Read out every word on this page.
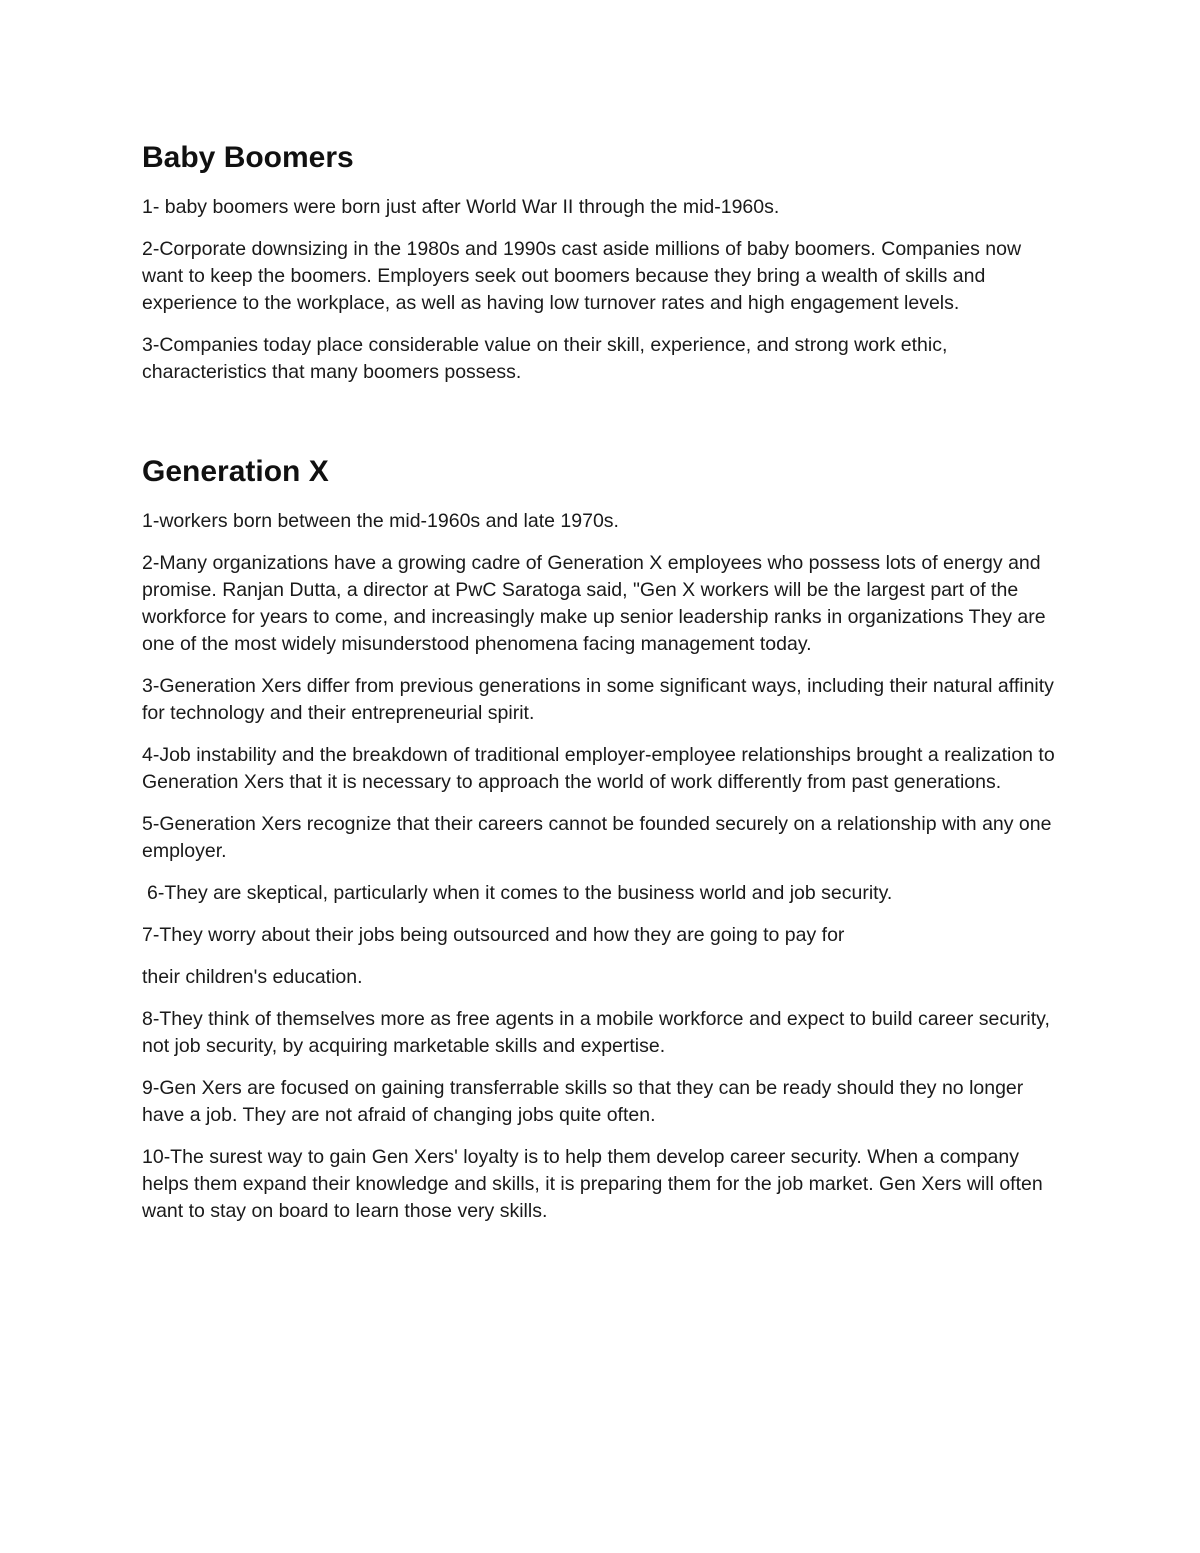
Baby Boomers

1- baby boomers were born just after World War II through the mid-1960s.

2-Corporate downsizing in the 1980s and 1990s cast aside millions of baby boomers. Companies now want to keep the boomers. Employers seek out boomers because they bring a wealth of skills and experience to the workplace, as well as having low turnover rates and high engagement levels.

3-Companies today place considerable value on their skill, experience, and strong work ethic, characteristics that many boomers possess.

Generation X

1-workers born between the mid-1960s and late 1970s.

2-Many organizations have a growing cadre of Generation X employees who possess lots of energy and promise. Ranjan Dutta, a director at PwC Saratoga said, "Gen X workers will be the largest part of the workforce for years to come, and increasingly make up senior leadership ranks in organizations They are one of the most widely misunderstood phenomena facing management today.

3-Generation Xers differ from previous generations in some significant ways, including their natural affinity for technology and their entrepreneurial spirit.

4-Job instability and the breakdown of traditional employer-employee relationships brought a realization to Generation Xers that it is necessary to approach the world of work differently from past generations.

5-Generation Xers recognize that their careers cannot be founded securely on a relationship with any one employer.

6-They are skeptical, particularly when it comes to the business world and job security.

7-They worry about their jobs being outsourced and how they are going to pay for

their children's education.

8-They think of themselves more as free agents in a mobile workforce and expect to build career security, not job security, by acquiring marketable skills and expertise.

9-Gen Xers are focused on gaining transferrable skills so that they can be ready should they no longer have a job. They are not afraid of changing jobs quite often.

10-The surest way to gain Gen Xers' loyalty is to help them develop career security. When a company helps them expand their knowledge and skills, it is preparing them for the job market. Gen Xers will often want to stay on board to learn those very skills.
